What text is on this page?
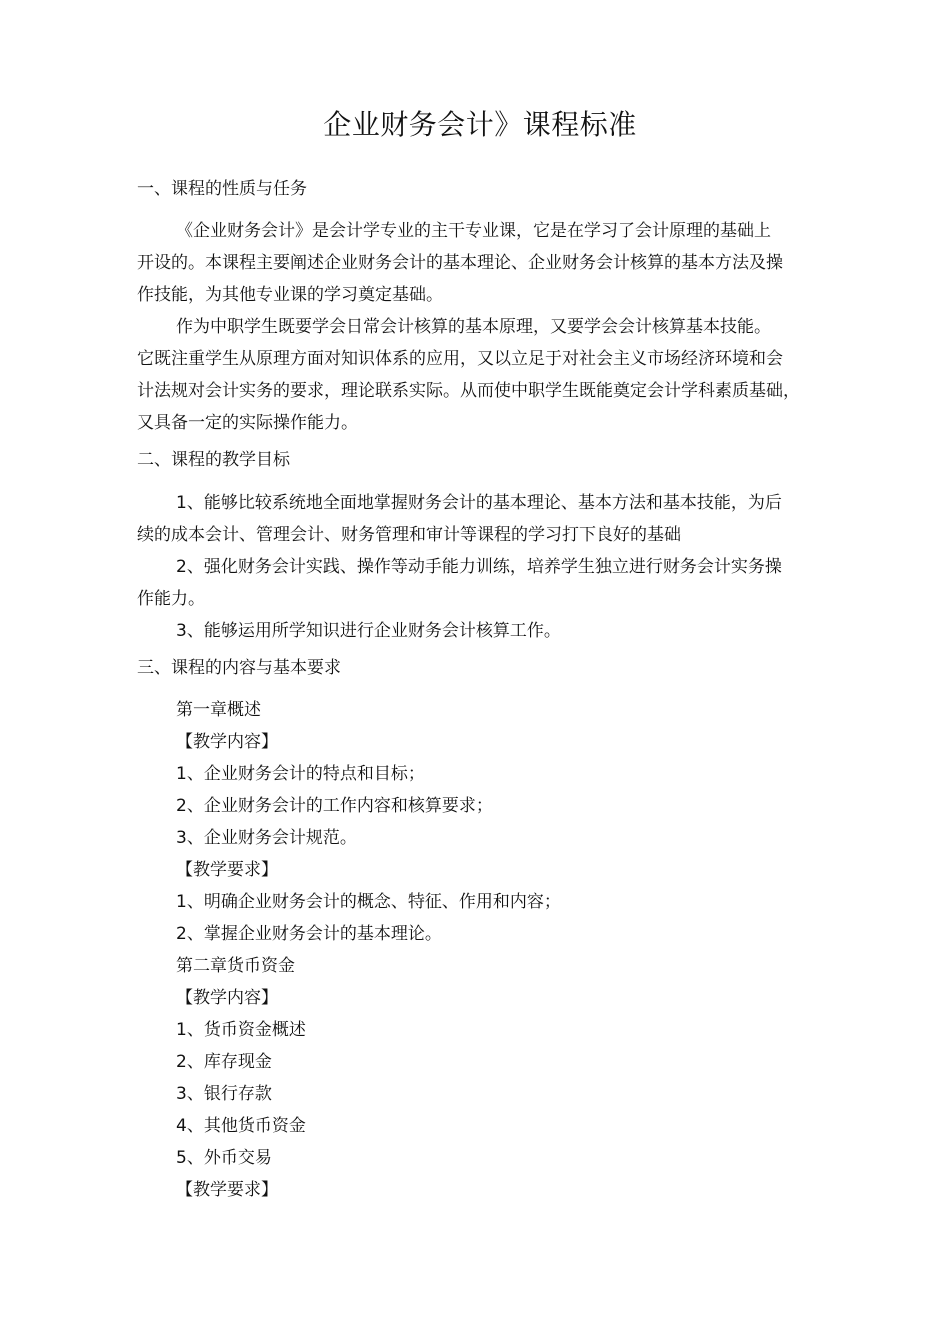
企业财务会计》课程标准
一、课程的性质与任务
《企业财务会计》是会计学专业的主干专业课，它是在学习了会计原理的基础上
开设的。本课程主要阐述企业财务会计的基本理论、企业财务会计核算的基本方法及操
作技能，为其他专业课的学习奠定基础。
作为中职学生既要学会日常会计核算的基本原理，又要学会会计核算基本技能。
它既注重学生从原理方面对知识体系的应用，又以立足于对社会主义市场经济环境和会
计法规对会计实务的要求，理论联系实际。从而使中职学生既能奠定会计学科素质基础，
又具备一定的实际操作能力。
二、课程的教学目标
1、能够比较系统地全面地掌握财务会计的基本理论、基本方法和基本技能，为后
续的成本会计、管理会计、财务管理和审计等课程的学习打下良好的基础
2、强化财务会计实践、操作等动手能力训练，培养学生独立进行财务会计实务操
作能力。
3、能够运用所学知识进行企业财务会计核算工作。
三、课程的内容与基本要求
第一章概述
【教学内容】
1、企业财务会计的特点和目标；
2、企业财务会计的工作内容和核算要求；
3、企业财务会计规范。
【教学要求】
1、明确企业财务会计的概念、特征、作用和内容；
2、掌握企业财务会计的基本理论。
第二章货币资金
【教学内容】
1、货币资金概述
2、库存现金
3、银行存款
4、其他货币资金
5、外币交易
【教学要求】
